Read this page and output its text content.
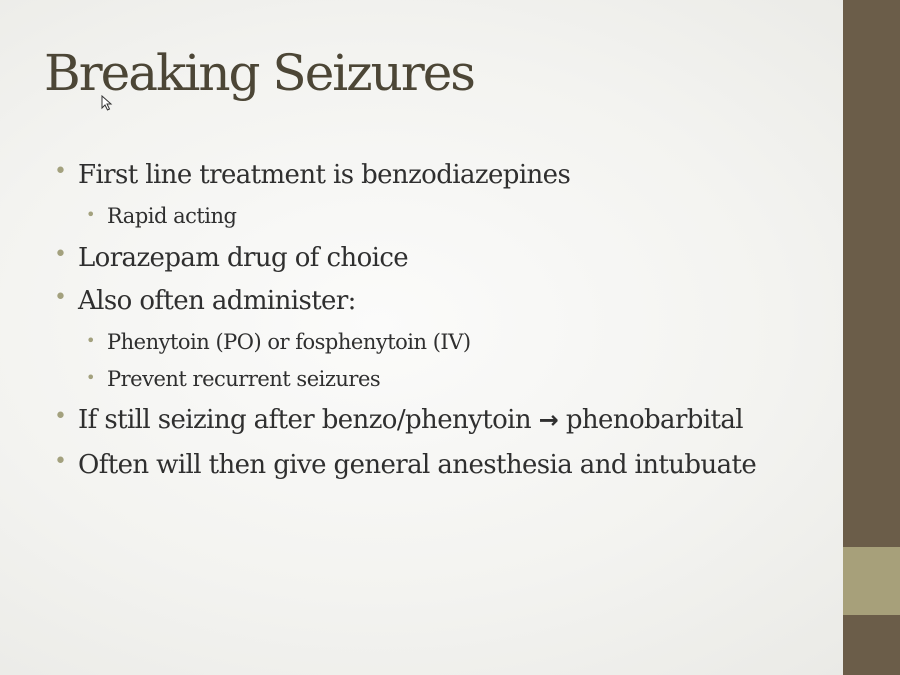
Breaking Seizures
• First line treatment is benzodiazepines
• Rapid acting
• Lorazepam drug of choice
• Also often administer:
• Phenytoin (PO) or fosphenytoin (IV)
• Prevent recurrent seizures
• If still seizing after benzo/phenytoin → phenobarbital
• Often will then give general anesthesia and intubuate
